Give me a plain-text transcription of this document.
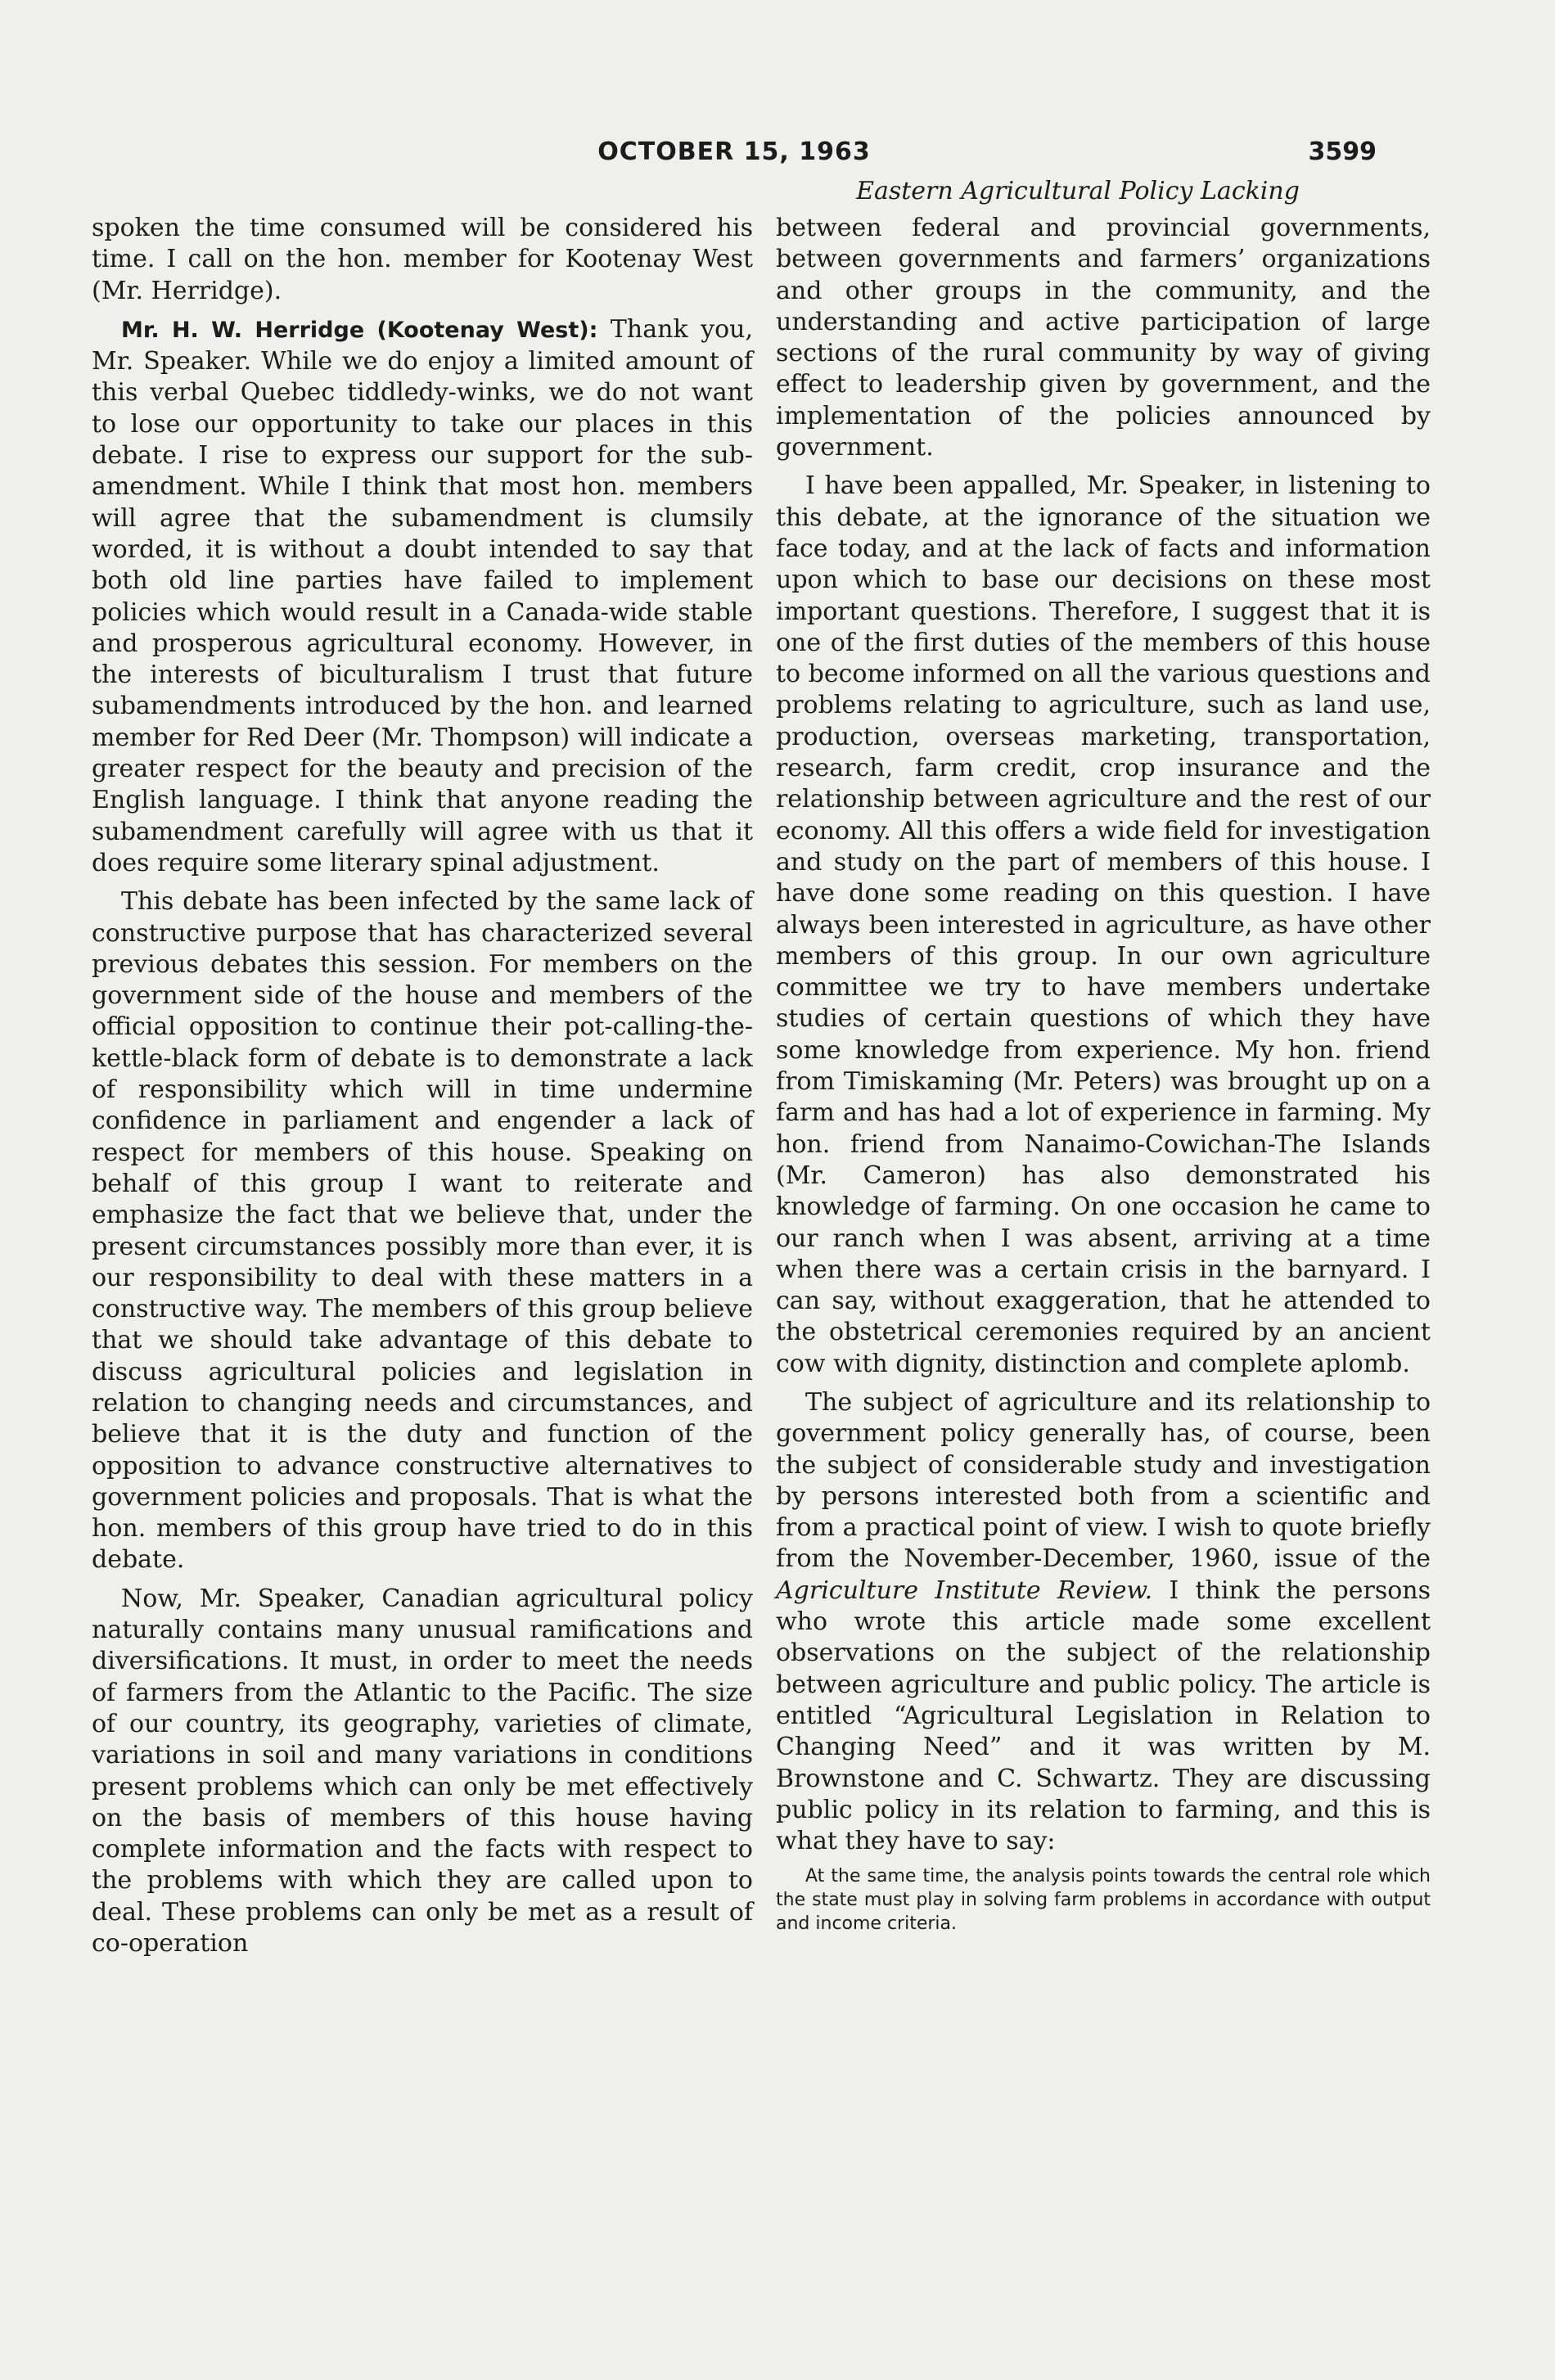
OCTOBER 15, 1963	3599
Eastern Agricultural Policy Lacking

spoken the time consumed will be considered his time. I call on the hon. member for Kootenay West (Mr. Herridge).

Mr. H. W. Herridge (Kootenay West): Thank you, Mr. Speaker. While we do enjoy a limited amount of this verbal Quebec tiddledy-winks, we do not want to lose our opportunity to take our places in this debate. I rise to express our support for the subamendment. While I think that most hon. members will agree that the subamendment is clumsily worded, it is without a doubt intended to say that both old line parties have failed to implement policies which would result in a Canada-wide stable and prosperous agricultural economy. However, in the interests of biculturalism I trust that future subamendments introduced by the hon. and learned member for Red Deer (Mr. Thompson) will indicate a greater respect for the beauty and precision of the English language. I think that anyone reading the subamendment carefully will agree with us that it does require some literary spinal adjustment.

This debate has been infected by the same lack of constructive purpose that has characterized several previous debates this session. For members on the government side of the house and members of the official opposition to continue their pot-calling-the-kettle-black form of debate is to demonstrate a lack of responsibility which will in time undermine confidence in parliament and engender a lack of respect for members of this house. Speaking on behalf of this group I want to reiterate and emphasize the fact that we believe that, under the present circumstances possibly more than ever, it is our responsibility to deal with these matters in a constructive way. The members of this group believe that we should take advantage of this debate to discuss agricultural policies and legislation in relation to changing needs and circumstances, and believe that it is the duty and function of the opposition to advance constructive alternatives to government policies and proposals. That is what the hon. members of this group have tried to do in this debate.

Now, Mr. Speaker, Canadian agricultural policy naturally contains many unusual ramifications and diversifications. It must, in order to meet the needs of farmers from the Atlantic to the Pacific. The size of our country, its geography, varieties of climate, variations in soil and many variations in conditions present problems which can only be met effectively on the basis of members of this house having complete information and the facts with respect to the problems with which they are called upon to deal. These problems can only be met as a result of co-operation

between federal and provincial governments, between governments and farmers’ organizations and other groups in the community, and the understanding and active participation of large sections of the rural community by way of giving effect to leadership given by government, and the implementation of the policies announced by government.

I have been appalled, Mr. Speaker, in listening to this debate, at the ignorance of the situation we face today, and at the lack of facts and information upon which to base our decisions on these most important questions. Therefore, I suggest that it is one of the first duties of the members of this house to become informed on all the various questions and problems relating to agriculture, such as land use, production, overseas marketing, transportation, research, farm credit, crop insurance and the relationship between agriculture and the rest of our economy. All this offers a wide field for investigation and study on the part of members of this house. I have done some reading on this question. I have always been interested in agriculture, as have other members of this group. In our own agriculture committee we try to have members undertake studies of certain questions of which they have some knowledge from experience. My hon. friend from Timiskaming (Mr. Peters) was brought up on a farm and has had a lot of experience in farming. My hon. friend from Nanaimo-Cowichan-The Islands (Mr. Cameron) has also demonstrated his knowledge of farming. On one occasion he came to our ranch when I was absent, arriving at a time when there was a certain crisis in the barnyard. I can say, without exaggeration, that he attended to the obstetrical ceremonies required by an ancient cow with dignity, distinction and complete aplomb.

The subject of agriculture and its relationship to government policy generally has, of course, been the subject of considerable study and investigation by persons interested both from a scientific and from a practical point of view. I wish to quote briefly from the November-December, 1960, issue of the Agriculture Institute Review. I think the persons who wrote this article made some excellent observations on the subject of the relationship between agriculture and public policy. The article is entitled “Agricultural Legislation in Relation to Changing Need” and it was written by M. Brownstone and C. Schwartz. They are discussing public policy in its relation to farming, and this is what they have to say:

At the same time, the analysis points towards the central role which the state must play in solving farm problems in accordance with output and income criteria.
